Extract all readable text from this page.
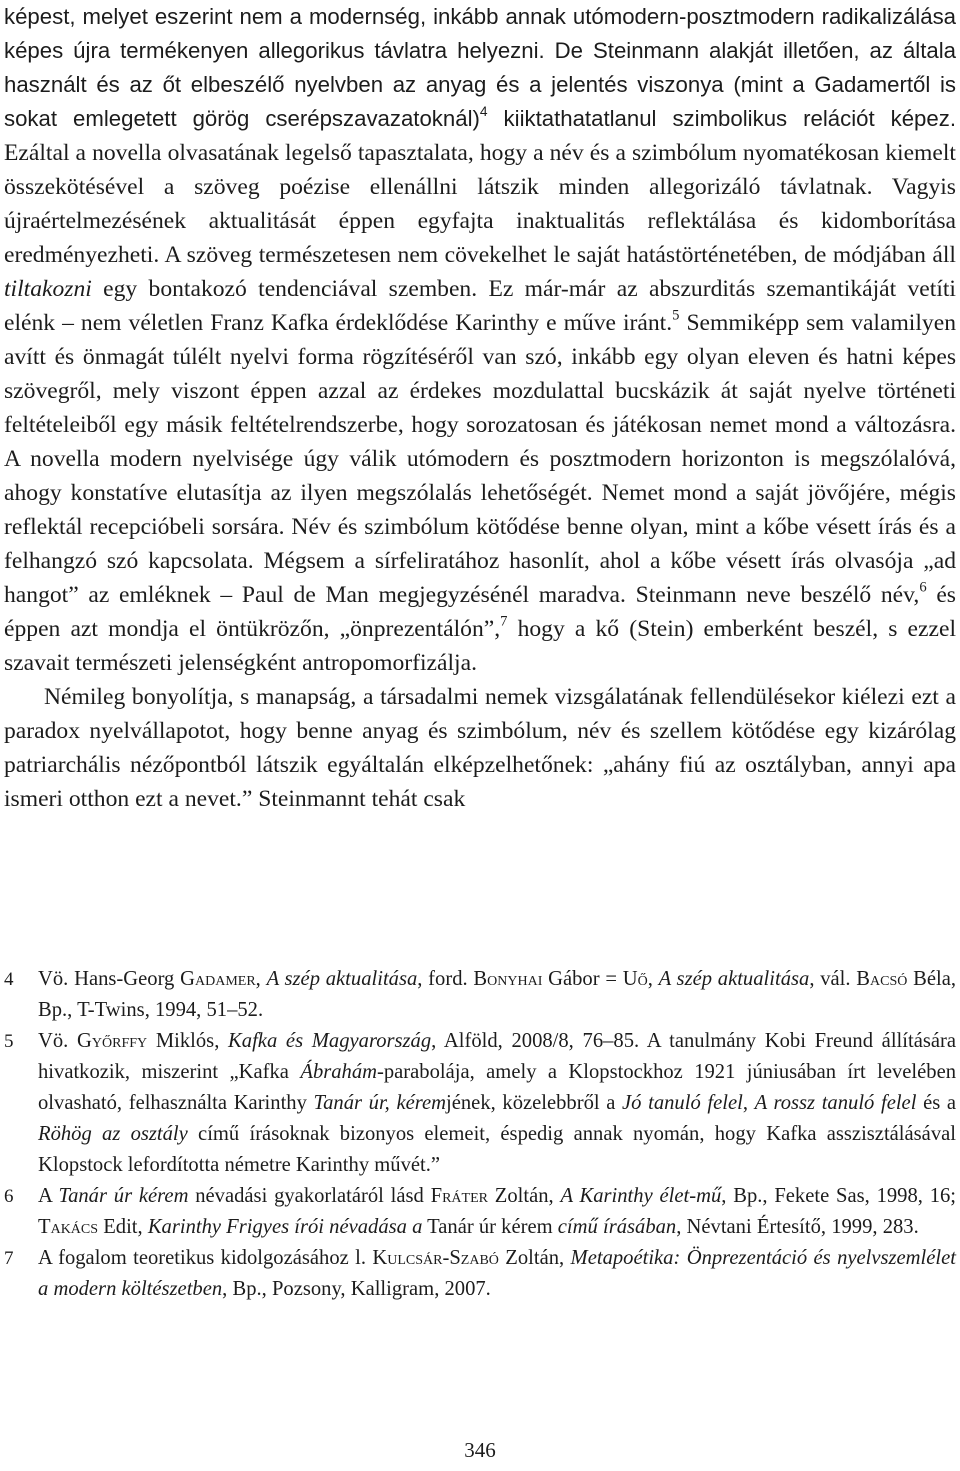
képest, melyet eszerint nem a modernség, inkább annak utómodern-posztmodern radikalizálása képes újra termékenyen allegorikus távlatra helyezni. De Steinmann alakját illetően, az általa használt és az őt elbeszélő nyelvben az anyag és a jelentés viszonya (mint a Gadamertől is sokat emlegetett görög cserépszavazatoknál)$^4$ kiiktathatatlanul szimbolikus relációt képez. Ezáltal a novella olvasatának legelső tapasztalata, hogy a név és a szimbólum nyomatékosan kiemelt összekötésével a szöveg poézise ellenállni látszik minden allegorizáló távlatnak. Vagyis újraértelmezésének aktualitását éppen egyfajta inaktualitás reflektálása és kidomborítása eredményezheti. A szöveg természetesen nem cövekelhet le saját hatástörténetében, de módjában áll tiltakozni egy bontakozó tendenciával szemben. Ez már-már az abszurditás szemantikáját vetíti elénk – nem véletlen Franz Kafka érdeklődése Karinthy e műve iránt.$^5$ Semmiképp sem valamilyen avítt és önmagát túlélt nyelvi forma rögzítéséről van szó, inkább egy olyan eleven és hatni képes szövegről, mely viszont éppen azzal az érdekes mozdulattal bucskázik át saját nyelve történeti feltételeiből egy másik feltételrendszerbe, hogy sorozatosan és játékosan nemet mond a változásra. A novella modern nyelvisége úgy válik utómodern és posztmodern horizonton is megszólalóvá, ahogy konstatíve elutasítja az ilyen megszólalás lehetőségét. Nemet mond a saját jövőjére, mégis reflektál recepcióbeli sorsára. Név és szimbólum kötődése benne olyan, mint a kőbe vésett írás és a felhangzó szó kapcsolata. Mégsem a sírfeliratához hasonlít, ahol a kőbe vésett írás olvasója „ad hangot” az emléknek – Paul de Man megjegyzésénél maradva. Steinmann neve beszélő név,$^6$ és éppen azt mondja el öntükrözőn, „önprezentálón”,$^7$ hogy a kő (Stein) emberként beszél, s ezzel szavait természeti jelenségként antropomorfizálja.

Némileg bonyolítja, s manapság, a társadalmi nemek vizsgálatának fellendülésekor kiélezi ezt a paradox nyelvállapotot, hogy benne anyag és szimbólum, név és szellem kötődése egy kizárólag patriarchális nézőpontból látszik egyáltalán elképzelhetőnek: „ahány fiú az osztályban, annyi apa ismeri otthon ezt a nevet.” Steinmannt tehát csak

4	Vö. Hans-Georg Gadamer, A szép aktualitása, ford. Bonyhai Gábor = Uő, A szép aktualitása, vál. Bacsó Béla, Bp., T-Twins, 1994, 51–52.
5	Vö. Győrffy Miklós, Kafka és Magyarország, Alföld, 2008/8, 76–85. A tanulmány Kobi Freund állítására hivatkozik, miszerint „Kafka Ábrahám-parabolája, amely a Klopstockhoz 1921 júniusában írt levelében olvasható, felhasználta Karinthy Tanár úr, kéremjének, közelebbről a Jó tanuló felel, A rossz tanuló felel és a Röhög az osztály című írásoknak bizonyos elemeit, éspedig annak nyomán, hogy Kafka asszisztálásával Klopstock lefordította németre Karinthy művét.”
6	A Tanár úr kérem névadási gyakorlatáról lásd Fráter Zoltán, A Karinthy élet-mű, Bp., Fekete Sas, 1998, 16; Takács Edit, Karinthy Frigyes írói névadása a Tanár úr kérem című írásában, Névtani Értesítő, 1999, 283.
7	A fogalom teoretikus kidolgozásához l. Kulcsár-Szabó Zoltán, Metapoétika: Önprezentáció és nyelvszemlélet a modern költészetben, Bp., Pozsony, Kalligram, 2007.
346
